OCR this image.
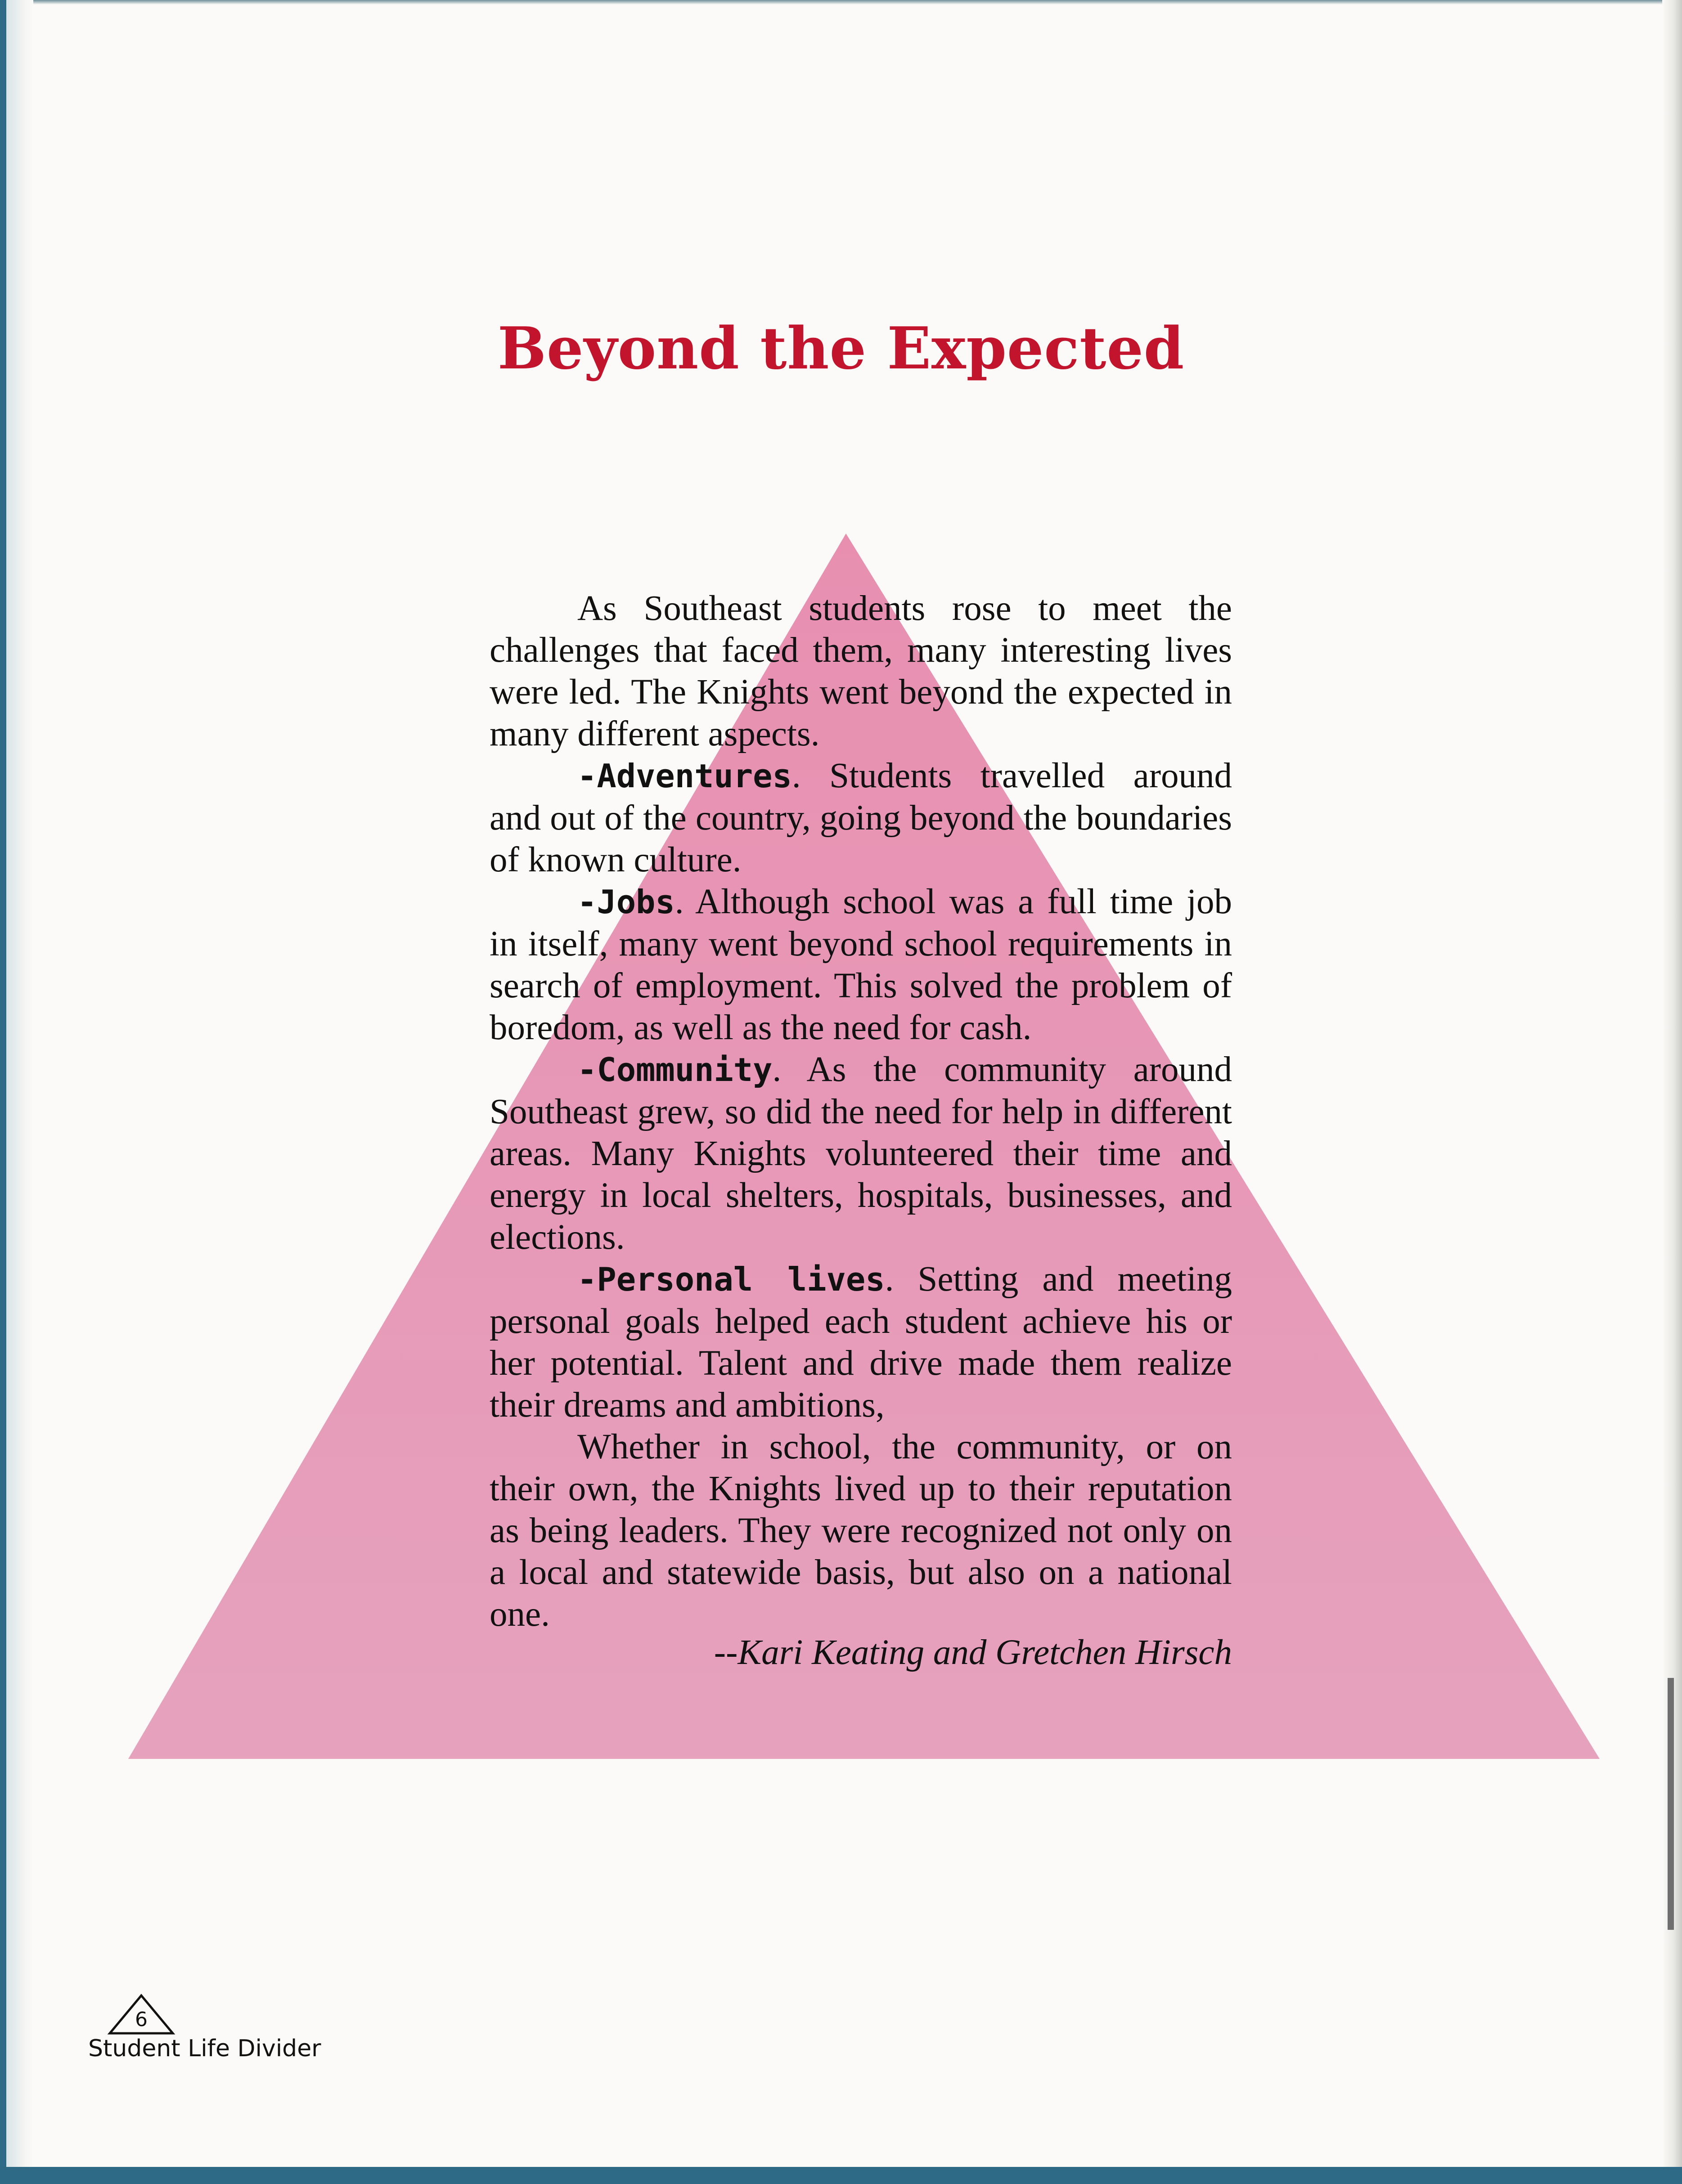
Beyond the Expected

As Southeast students rose to meet the challenges that faced them, many interesting lives were led. The Knights went beyond the expected in many different aspects.

-Adventures. Students travelled around and out of the country, going beyond the boundaries of known culture.

-Jobs. Although school was a full time job in itself, many went beyond school requirements in search of employment. This solved the problem of boredom, as well as the need for cash.

-Community. As the community around Southeast grew, so did the need for help in different areas. Many Knights volunteered their time and energy in local shelters, hospitals, businesses, and elections.

-Personal lives. Setting and meeting personal goals helped each student achieve his or her potential. Talent and drive made them realize their dreams and ambitions,

Whether in school, the community, or on their own, the Knights lived up to their reputation as being leaders. They were recognized not only on a local and statewide basis, but also on a national one.

--Kari Keating and Gretchen Hirsch

6
Student Life Divider
